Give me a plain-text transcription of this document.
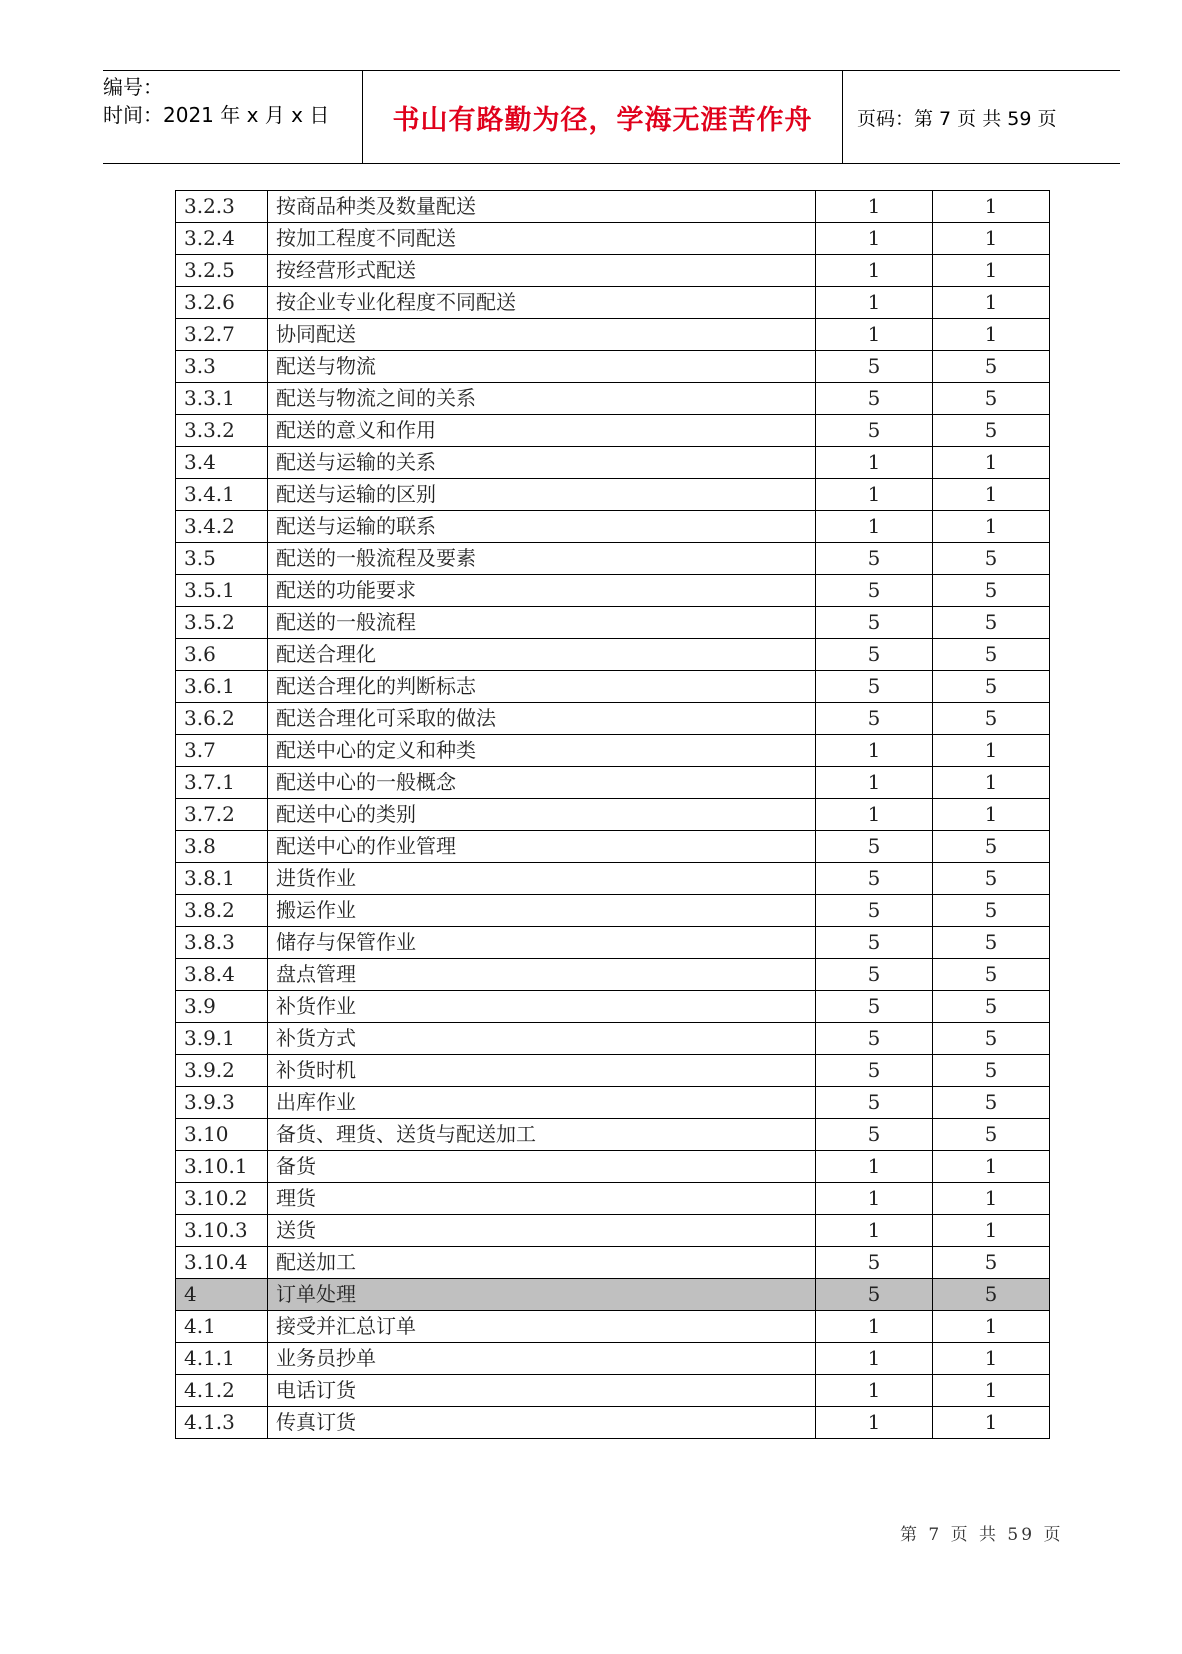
编号：
时间：2021 年 x 月 x 日	书山有路勤为径，学海无涯苦作舟 页码：第 7 页 共 59 页
3.2.3	按商品种类及数量配送	1	1
3.2.4	按加工程度不同配送	1	1
3.2.5	按经营形式配送	1	1
3.2.6	按企业专业化程度不同配送	1	1
3.2.7	协同配送	1	1
3.3	配送与物流	5	5
3.3.1	配送与物流之间的关系	5	5
3.3.2	配送的意义和作用	5	5
3.4	配送与运输的关系	1	1
3.4.1	配送与运输的区别	1	1
3.4.2	配送与运输的联系	1	1
3.5	配送的一般流程及要素	5	5
3.5.1	配送的功能要求	5	5
3.5.2	配送的一般流程	5	5
3.6	配送合理化	5	5
3.6.1	配送合理化的判断标志	5	5
3.6.2	配送合理化可采取的做法	5	5
3.7	配送中心的定义和种类	1	1
3.7.1	配送中心的一般概念	1	1
3.7.2	配送中心的类别	1	1
3.8	配送中心的作业管理	5	5
3.8.1	进货作业	5	5
3.8.2	搬运作业	5	5
3.8.3	储存与保管作业	5	5
3.8.4	盘点管理	5	5
3.9	补货作业	5	5
3.9.1	补货方式	5	5
3.9.2	补货时机	5	5
3.9.3	出库作业	5	5
3.10	备货、理货、送货与配送加工	5	5
3.10.1	备货	1	1
3.10.2	理货	1	1
3.10.3	送货	1	1
3.10.4	配送加工	5	5
4	订单处理	5	5
4.1	接受并汇总订单	1	1
4.1.1	业务员抄单	1	1
4.1.2	电话订货	1	1
4.1.3	传真订货	1	1
第 7 页 共 59 页
